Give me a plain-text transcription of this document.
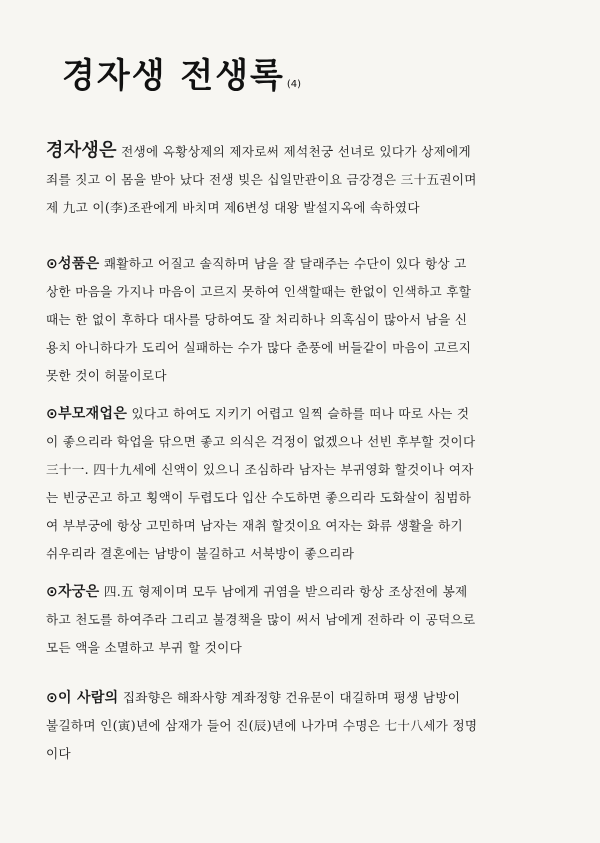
경자생 전생록 (4)
경자생은 전생에 옥황상제의 제자로써 제석천궁 선녀로 있다가 상제에게
죄를 짓고 이 몸을 받아 났다 전생 빚은 십일만관이요 금강경은 三十五권이며
제 九고 이(李)조관에게 바치며 제6변성 대왕 발설지옥에 속하였다
⊙성품은 쾌활하고 어질고 솔직하며 남을 잘 달래주는 수단이 있다 항상 고
상한 마음을 가지나 마음이 고르지 못하여 인색할때는 한없이 인색하고 후할
때는 한 없이 후하다 대사를 당하여도 잘 처리하나 의혹심이 많아서 남을 신
용치 아니하다가 도리어 실패하는 수가 많다 춘풍에 버들같이 마음이 고르지
못한 것이 허물이로다
⊙부모재업은 있다고 하여도 지키기 어렵고 일찍 슬하를 떠나 따로 사는 것
이 좋으리라 학업을 닦으면 좋고 의식은 걱정이 없겠으나 선빈 후부할 것이다
三十一. 四十九세에 신액이 있으니 조심하라 남자는 부귀영화 할것이나 여자
는 빈궁곤고 하고 횡액이 두렵도다 입산 수도하면 좋으리라 도화살이 침범하
여 부부궁에 항상 고민하며 남자는 재취 할것이요 여자는 화류 생활을 하기
쉬우리라 결혼에는 남방이 불길하고 서북방이 좋으리라
⊙자궁은 四.五 형제이며 모두 남에게 귀염을 받으리라 항상 조상전에 봉제
하고 천도를 하여주라 그리고 불경책을 많이 써서 남에게 전하라 이 공덕으로
모든 액을 소멸하고 부귀 할 것이다
⊙이 사람의 집좌향은 해좌사향 계좌정향 건유문이 대길하며 평생 남방이
불길하며 인(寅)년에 삼재가 들어 진(辰)년에 나가며 수명은 七十八세가 정명
이다
